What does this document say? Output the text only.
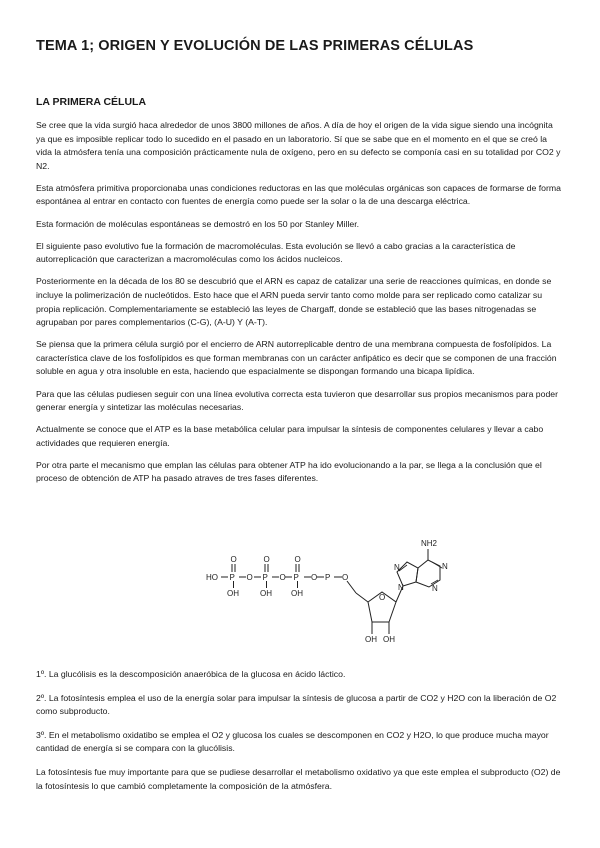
TEMA 1; ORIGEN Y EVOLUCIÓN DE LAS PRIMERAS CÉLULAS
LA PRIMERA CÉLULA

Se cree que la vida surgió haca alrededor de unos 3800 millones de años. A día de hoy el origen de la vida sigue siendo una incógnita ya que es imposible replicar todo lo sucedido en el pasado en un laboratorio. Sí que se sabe que en el momento en el que se creó la vida la atmósfera tenía una composición prácticamente nula de oxígeno, pero en su defecto se componía casi en su totalidad por CO2 y N2.

Esta atmósfera primitiva proporcionaba unas condiciones reductoras en las que moléculas orgánicas son capaces de formarse de forma espontánea al entrar en contacto con fuentes de energía como puede ser la solar o la de una descarga eléctrica.

Esta formación de moléculas espontáneas se demostró en los 50 por Stanley Miller.

El siguiente paso evolutivo fue la formación de macromoléculas. Esta evolución se llevó a cabo gracias a la característica de autorreplicación que caracterizan a macromoléculas como los ácidos nucleicos.

Posteriormente en la década de los 80 se descubrió que el ARN es capaz de catalizar una serie de reacciones químicas, en donde se incluye la polimerización de nucleótidos. Esto hace que el ARN pueda servir tanto como molde para ser replicado como catalizar su propia replicación. Complementariamente se estableció las leyes de Chargaff, donde se estableció que las bases nitrogenadas se agrupaban por pares complementarios (C-G), (A-U) Y (A-T).

Se piensa que la primera célula surgió por el encierro de ARN autorreplicable dentro de una membrana compuesta de fosfolípidos. La característica clave de los fosfolípidos es que forman membranas con un carácter anfipático es decir que se componen de una fracción soluble en agua y otra insoluble en esta, haciendo que espacialmente se dispongan formando una bicapa lipídica.

Para que las células pudiesen seguir con una línea evolutiva correcta esta tuvieron que desarrollar sus propios mecanismos para poder generar energía y sintetizar las moléculas necesarias.

Actualmente se conoce que el ATP es la base metabólica celular para impulsar la síntesis de componentes celulares y llevar a cabo actividades que requieren energía.

Por otra parte el mecanismo que emplan las células para obtener ATP ha ido evolucionando a la par, se llega a la conclusión que el proceso de obtención de ATP ha pasado atraves de tres fases diferentes.

HO P O P O P O P O
O	O	O
OH	OH OH	O
OH OH
N
N
N
N
NH2

1º. La glucólisis es la descomposición anaeróbica de la glucosa en ácido láctico.

2º. La fotosíntesis emplea el uso de la energía solar para impulsar la síntesis de glucosa a partir de CO2 y H2O con la liberación de O2 como subproducto.

3º. En el metabolismo oxidatibo se emplea el O2 y glucosa los cuales se descomponen en CO2 y H2O, lo que produce mucha mayor cantidad de energía si se compara con la glucólisis.

La fotosíntesis fue muy importante para que se pudiese desarrollar el metabolismo oxidativo ya que este emplea el subproducto (O2) de la fotosíntesis lo que cambió completamente la composición de la atmósfera.
